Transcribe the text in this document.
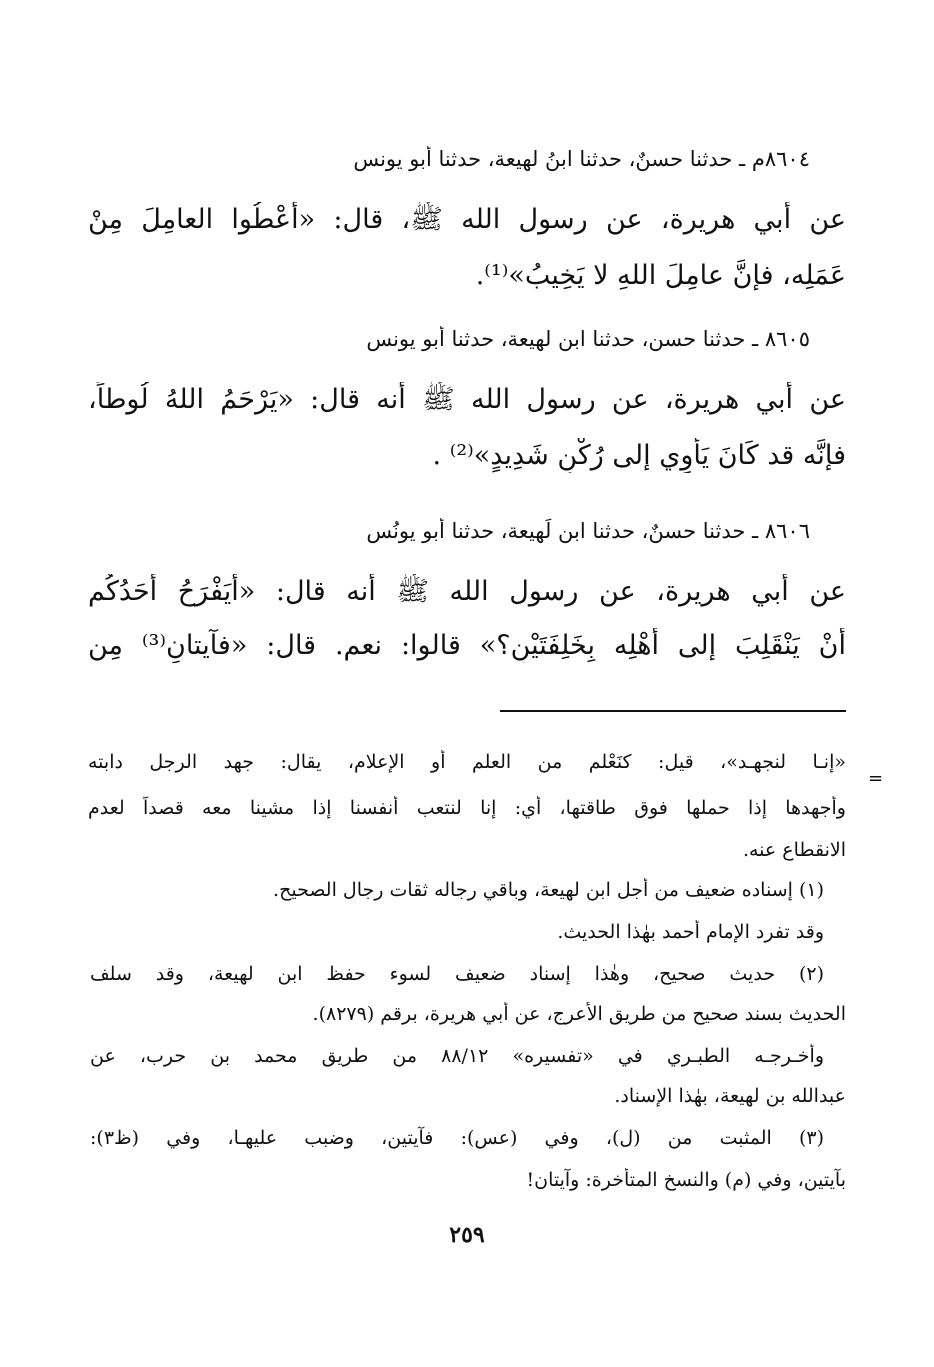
٨٦٠٤م ـ حدثنا حسنٌ، حدثنا ابنُ لهيعة، حدثنا أبو يونس
عن أبي هريرة، عن رسول الله ﷺ، قال: «أَعْطُوا العامِلَ مِنْ
عَمَلِه، فإنَّ عامِلَ اللهِ لا يَخِيبُ»⁽¹⁾.
٨٦٠٥ ـ حدثنا حسن، حدثنا ابن لهيعة، حدثنا أبو يونس
عن أبي هريرة، عن رسول الله ﷺ أنه قال: «يَرْحَمُ اللهُ لُوطاً،
فإنَّه قد كَانَ يَأْوِي إلى رُكْنٍ شَدِيدٍ»⁽²⁾ .
٨٦٠٦ ـ حدثنا حسنٌ، حدثنا ابن لَهيعة، حدثنا أبو يونُس
عن أبي هريرة، عن رسول الله ﷺ أنه قال: «أَيَفْرَحُ أَحَدُكُم
أَنْ يَنْقَلِبَ إلى أَهْلِه بِخَلِفَتَيْنِ؟» قالوا: نعم. قال: «فآيتانِ⁽³⁾ مِن
=
«إنـا لنجهـد»، قيل: كنَعْلم من العلم أو الإعلام، يقال: جهد الرجل دابته
وأجهدها إذا حملها فوق طاقتها، أي: إنا لنتعب أنفسنا إذا مشينا معه قصداً لعدم
الانقطاع عنه.
(١) إسناده ضعيف من أجل ابن لهيعة، وباقي رجاله ثقات رجال الصحيح.
وقد تفرد الإمام أحمد بهٰذا الحديث.
(٢) حديث صحيح، وهٰذا إسناد ضعيف لسوء حفظ ابن لهيعة، وقد سلف
الحديث بسند صحيح من طريق الأعرج، عن أبي هريرة، برقم (٨٢٧٩).
وأخـرجـه الطبـري في «تفسيره» ٨٨/١٢ من طريق محمد بن حرب، عن
عبدالله بن لهيعة، بهٰذا الإسناد.
(٣) المثبت من (ل)، وفي (عس): فآيتين، وضبب عليهـا، وفي (ظ٣):
بآيتين، وفي (م) والنسخ المتأخرة: وآيتان!
٢٥٩
